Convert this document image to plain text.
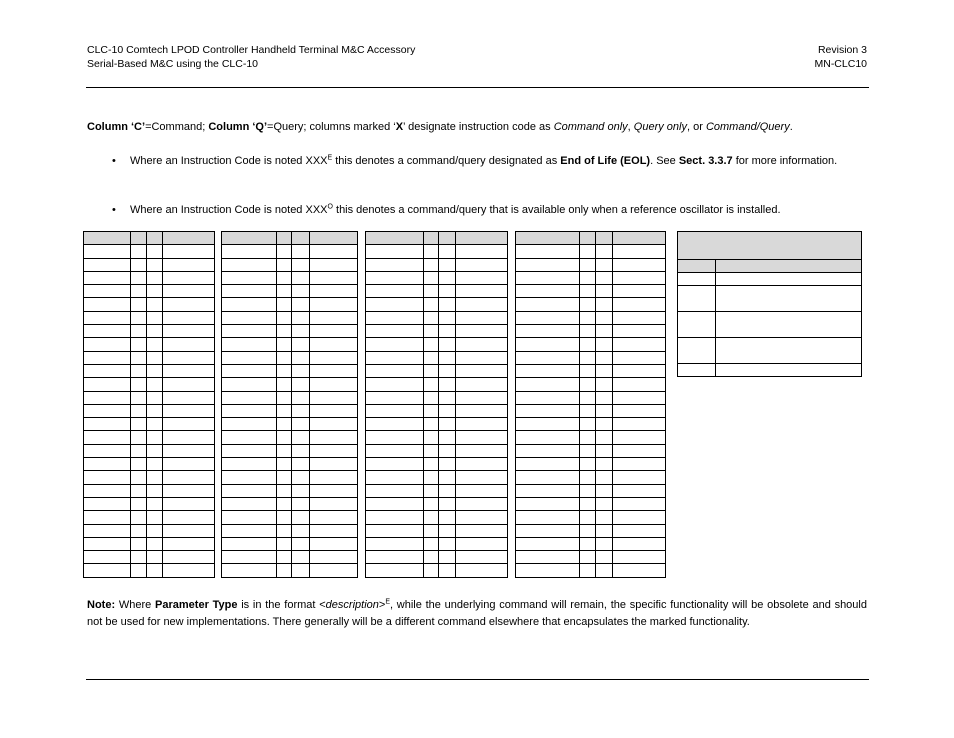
CLC-10 Comtech LPOD Controller Handheld Terminal M&C Accessory
Serial-Based M&C using the CLC-10
Revision 3
MN-CLC10
Column ‘C’=Command; Column ‘Q’=Query; columns marked ‘X’ designate instruction code as Command only, Query only, or Command/Query.
• Where an Instruction Code is noted $XXX^E$ this denotes a command/query designated as End of Life (EOL). See Sect. 3.3.7 for more information.
• Where an Instruction Code is noted $XXX^O$ this denotes a command/query that is available only when a reference oscillator is installed.

Note: Where Parameter Type is in the format <description>$^E$, while the underlying command will remain, the specific functionality will be obsolete and should not be used for new implementations. There generally will be a different command elsewhere that encapsulates the marked functionality.
